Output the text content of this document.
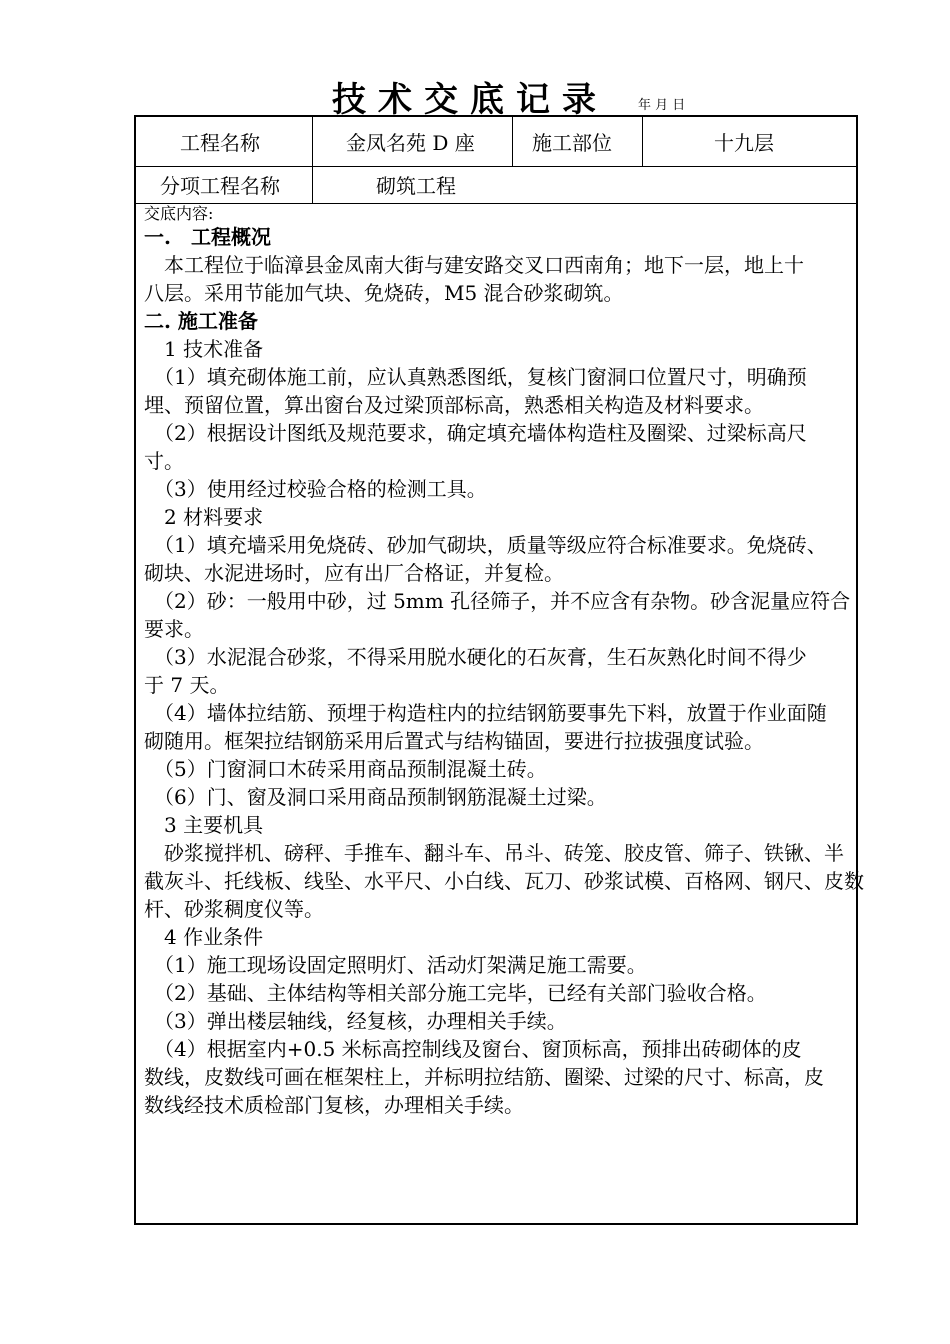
技术交底记录 年 月 日
工程名称	金凤名苑 D 座	施工部位	十九层
分项工程名称	砌筑工程
交底内容:
一.　工程概况
　本工程位于临漳县金凤南大街与建安路交叉口西南角；地下一层，地上十
八层。采用节能加气块、免烧砖，M5 混合砂浆砌筑。
二. 施工准备
　1 技术准备
　（1）填充砌体施工前，应认真熟悉图纸，复核门窗洞口位置尺寸，明确预
埋、预留位置，算出窗台及过梁顶部标高，熟悉相关构造及材料要求。
　（2）根据设计图纸及规范要求，确定填充墙体构造柱及圈梁、过梁标高尺
寸。
　（3）使用经过校验合格的检测工具。
　2 材料要求
　（1）填充墙采用免烧砖、砂加气砌块，质量等级应符合标准要求。免烧砖、
砌块、水泥进场时，应有出厂合格证，并复检。
　（2）砂：一般用中砂，过 5mm 孔径筛子，并不应含有杂物。砂含泥量应符合
要求。
　（3）水泥混合砂浆，不得采用脱水硬化的石灰膏，生石灰熟化时间不得少
于 7 天。
　（4）墙体拉结筋、预埋于构造柱内的拉结钢筋要事先下料，放置于作业面随
砌随用。框架拉结钢筋采用后置式与结构锚固，要进行拉拔强度试验。
　（5）门窗洞口木砖采用商品预制混凝土砖。
　（6）门、窗及洞口采用商品预制钢筋混凝土过梁。
　3 主要机具
　砂浆搅拌机、磅秤、手推车、翻斗车、吊斗、砖笼、胶皮管、筛子、铁锹、半
截灰斗、托线板、线坠、水平尺、小白线、瓦刀、砂浆试模、百格网、钢尺、皮数
杆、砂浆稠度仪等。
　4 作业条件
　（1）施工现场设固定照明灯、活动灯架满足施工需要。
　（2）基础、主体结构等相关部分施工完毕，已经有关部门验收合格。
　（3）弹出楼层轴线，经复核，办理相关手续。
　（4）根据室内+0.5 米标高控制线及窗台、窗顶标高，预排出砖砌体的皮
数线，皮数线可画在框架柱上，并标明拉结筋、圈梁、过梁的尺寸、标高，皮
数线经技术质检部门复核，办理相关手续。
